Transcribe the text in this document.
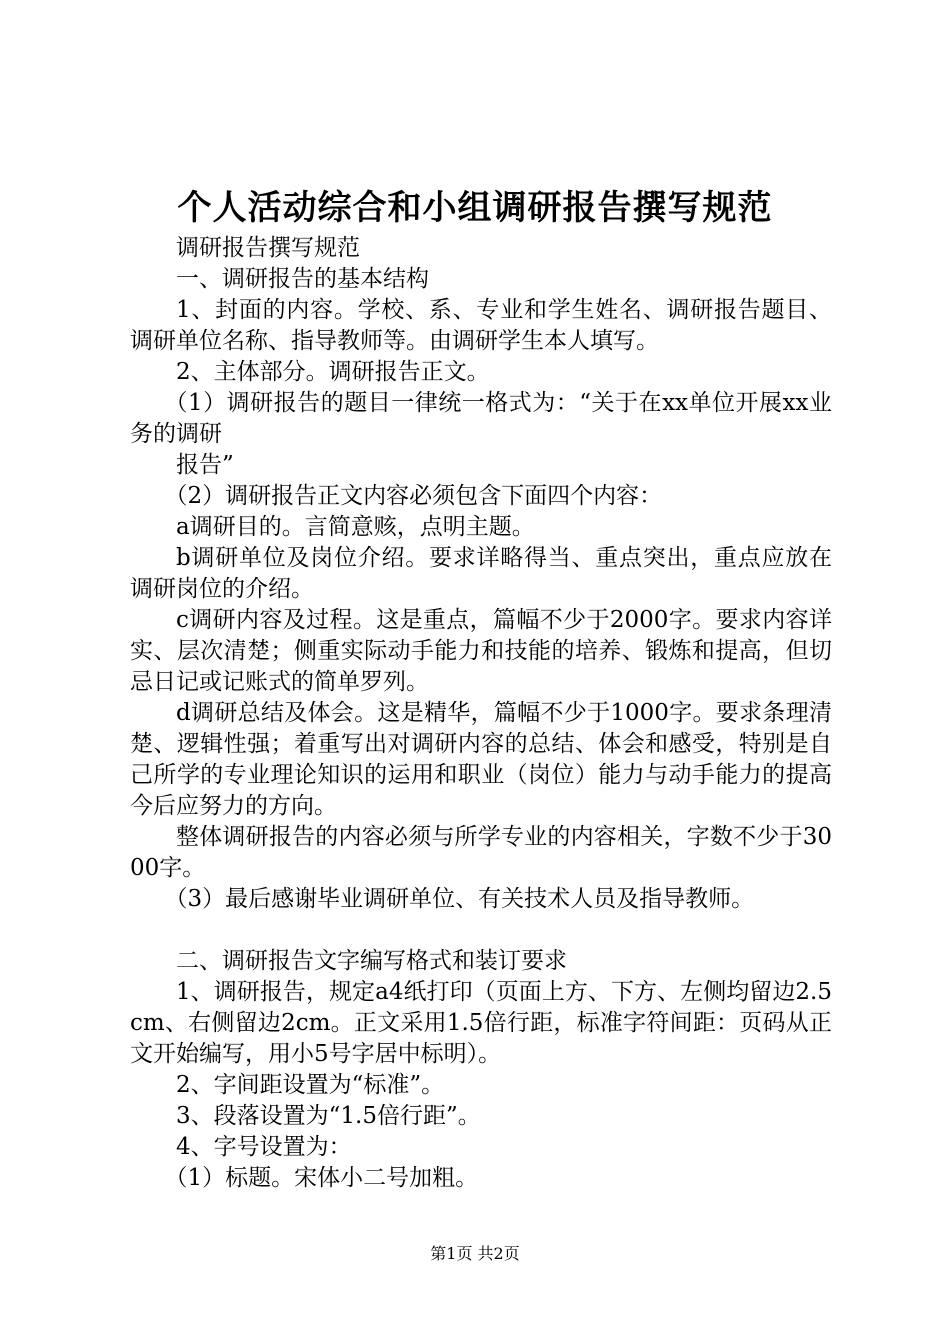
个人活动综合和小组调研报告撰写规范

调研报告撰写规范

一、调研报告的基本结构

1、封面的内容。学校、系、专业和学生姓名、调研报告题目、调研单位名称、指导教师等。由调研学生本人填写。

2、主体部分。调研报告正文。

（1）调研报告的题目一律统一格式为：“关于在xx单位开展xx业务的调研

报告”

（2）调研报告正文内容必须包含下面四个内容：

a调研目的。言简意赅，点明主题。

b调研单位及岗位介绍。要求详略得当、重点突出，重点应放在调研岗位的介绍。

c调研内容及过程。这是重点，篇幅不少于2000字。要求内容详实、层次清楚；侧重实际动手能力和技能的培养、锻炼和提高，但切忌日记或记账式的简单罗列。

d调研总结及体会。这是精华，篇幅不少于1000字。要求条理清楚、逻辑性强；着重写出对调研内容的总结、体会和感受，特别是自己所学的专业理论知识的运用和职业（岗位）能力与动手能力的提高今后应努力的方向。

整体调研报告的内容必须与所学专业的内容相关，字数不少于3000字。

（3）最后感谢毕业调研单位、有关技术人员及指导教师。

二、调研报告文字编写格式和装订要求

1、调研报告，规定a4纸打印（页面上方、下方、左侧均留边2.5cm、右侧留边2cm。正文采用1.5倍行距，标准字符间距：页码从正文开始编写，用小5号字居中标明）。

2、字间距设置为“标准”。

3、段落设置为“1.5倍行距”。

4、字号设置为：

（1）标题。宋体小二号加粗。

第1页 共2页
